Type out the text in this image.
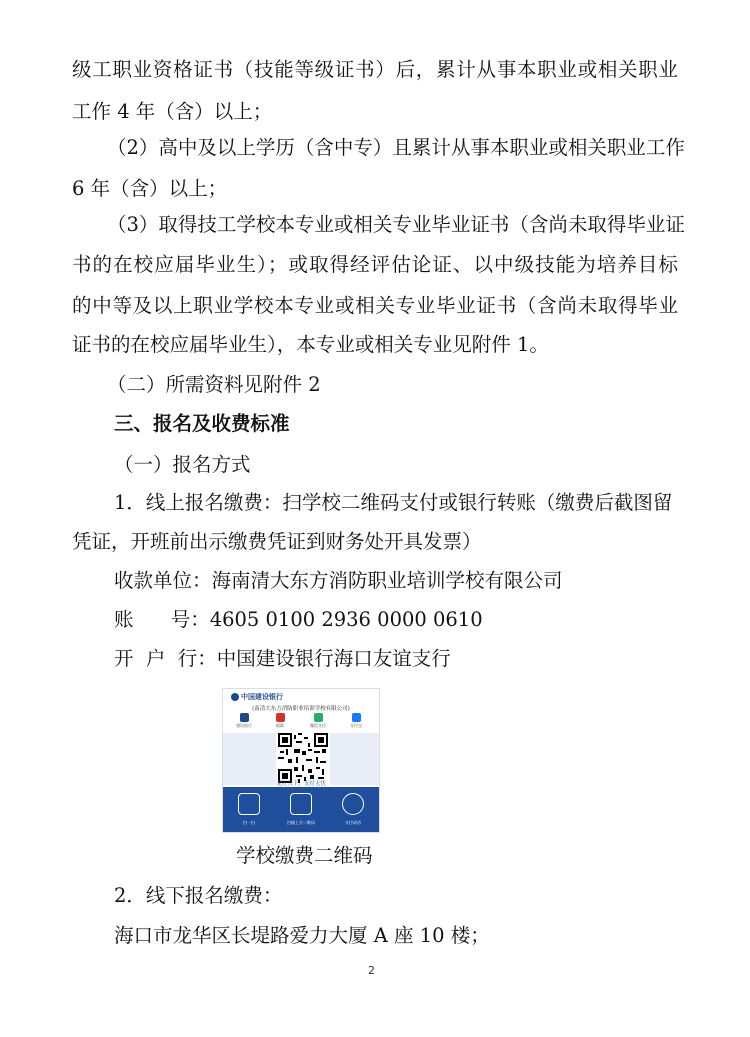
级工职业资格证书（技能等级证书）后，累计从事本职业或相关职业
工作 4 年（含）以上；
（2）高中及以上学历（含中专）且累计从事本职业或相关职业工作
6 年（含）以上；
（3）取得技工学校本专业或相关专业毕业证书（含尚未取得毕业证
书的在校应届毕业生）；或取得经评估论证、以中级技能为培养目标
的中等及以上职业学校本专业或相关专业毕业证书（含尚未取得毕业
证书的在校应届毕业生），本专业或相关专业见附件 1。
（二）所需资料见附件 2
三、报名及收费标准
（一）报名方式
1．线上报名缴费：扫学校二维码支付或银行转账（缴费后截图留
凭证，开班前出示缴费凭证到财务处开具发票）
收款单位：海南清大东方消防职业培训学校有限公司
账      号：4605 0100 2936 0000 0610
开  户  行：中国建设银行海口友谊支行
中国建设银行
(南清大东方消防职业培训学校有限公司)
建设银行	银联	微信支付	支付宝
龙行天下，支付无忧
扫一扫	扫描上方二维码	支付成功
学校缴费二维码
2．线下报名缴费：
海口市龙华区长堤路爱力大厦 A 座 10 楼；
2
